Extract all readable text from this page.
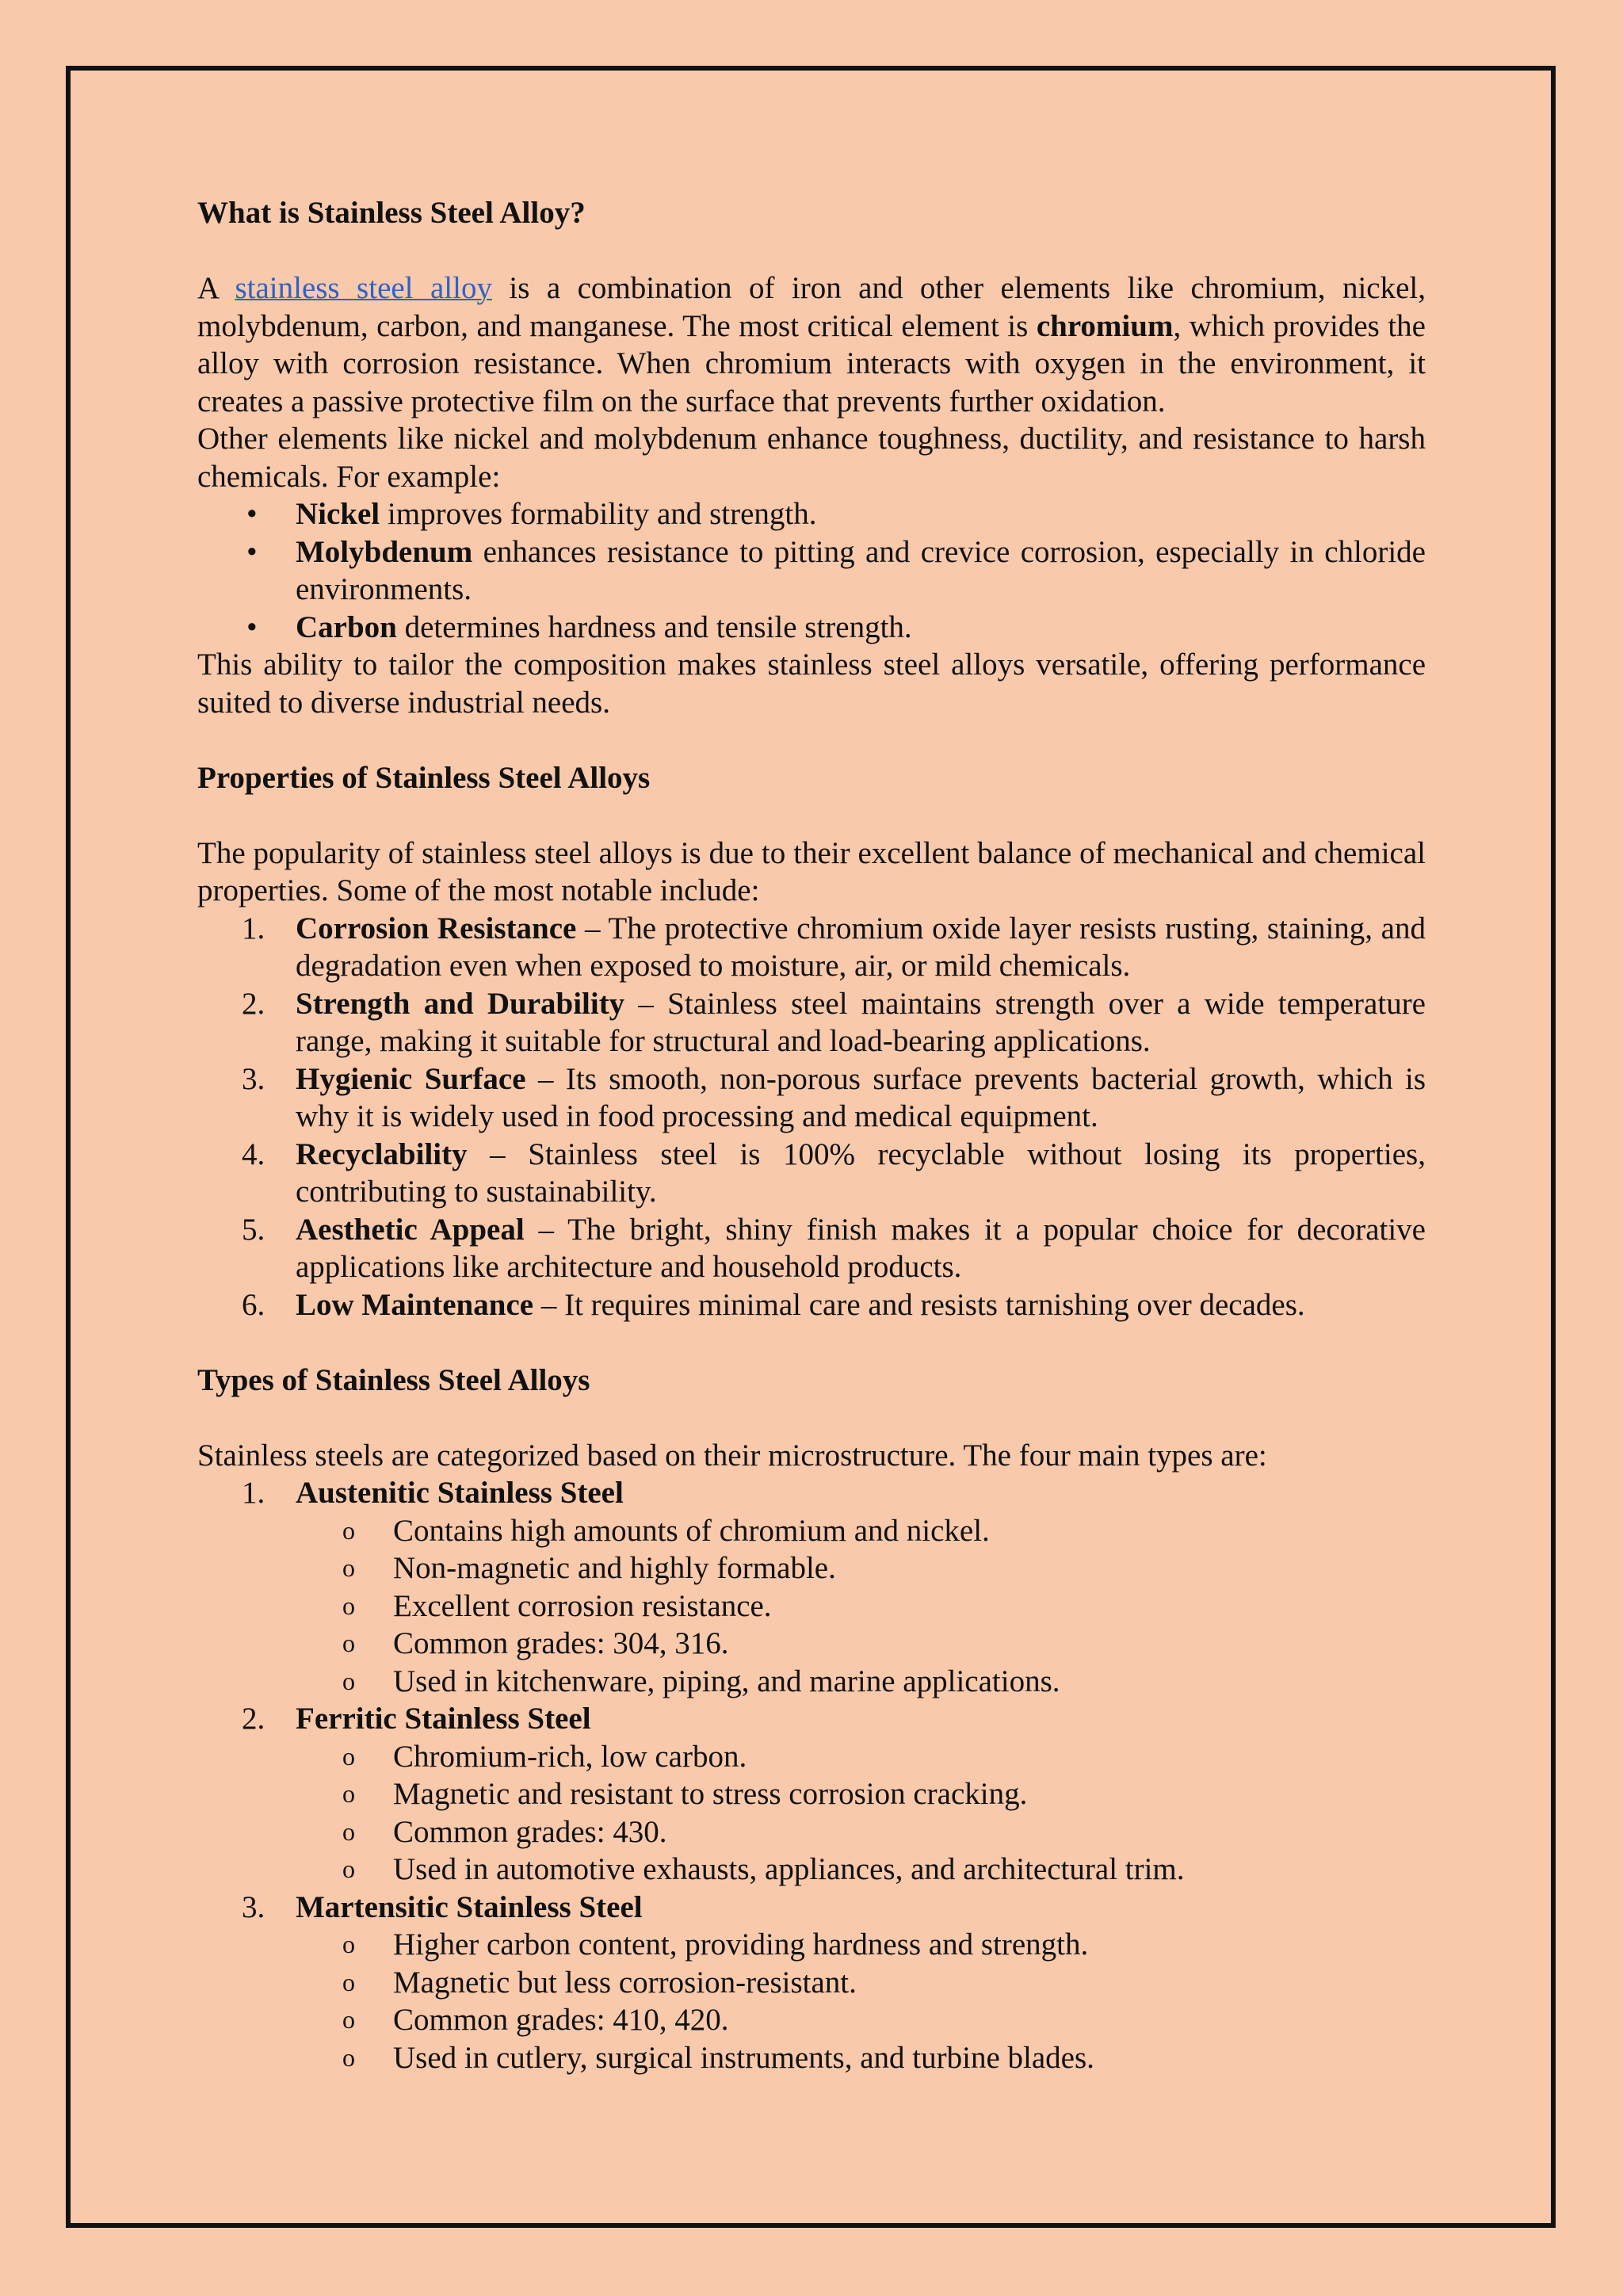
What is Stainless Steel Alloy?

A stainless steel alloy is a combination of iron and other elements like chromium, nickel, molybdenum, carbon, and manganese. The most critical element is chromium, which provides the alloy with corrosion resistance. When chromium interacts with oxygen in the environment, it creates a passive protective film on the surface that prevents further oxidation.

Other elements like nickel and molybdenum enhance toughness, ductility, and resistance to harsh chemicals. For example:

• Nickel improves formability and strength.
• Molybdenum enhances resistance to pitting and crevice corrosion, especially in chloride environments.
• Carbon determines hardness and tensile strength.

This ability to tailor the composition makes stainless steel alloys versatile, offering performance suited to diverse industrial needs.

Properties of Stainless Steel Alloys

The popularity of stainless steel alloys is due to their excellent balance of mechanical and chemical properties. Some of the most notable include:

1. Corrosion Resistance – The protective chromium oxide layer resists rusting, staining, and degradation even when exposed to moisture, air, or mild chemicals.
2. Strength and Durability – Stainless steel maintains strength over a wide temperature range, making it suitable for structural and load-bearing applications.
3. Hygienic Surface – Its smooth, non-porous surface prevents bacterial growth, which is why it is widely used in food processing and medical equipment.
4. Recyclability – Stainless steel is 100% recyclable without losing its properties, contributing to sustainability.
5. Aesthetic Appeal – The bright, shiny finish makes it a popular choice for decorative applications like architecture and household products.
6. Low Maintenance – It requires minimal care and resists tarnishing over decades.

Types of Stainless Steel Alloys

Stainless steels are categorized based on their microstructure. The four main types are:

1. Austenitic Stainless Steel
o Contains high amounts of chromium and nickel.
o Non-magnetic and highly formable.
o Excellent corrosion resistance.
o Common grades: 304, 316.
o Used in kitchenware, piping, and marine applications.
2. Ferritic Stainless Steel
o Chromium-rich, low carbon.
o Magnetic and resistant to stress corrosion cracking.
o Common grades: 430.
o Used in automotive exhausts, appliances, and architectural trim.
3. Martensitic Stainless Steel
o Higher carbon content, providing hardness and strength.
o Magnetic but less corrosion-resistant.
o Common grades: 410, 420.
o Used in cutlery, surgical instruments, and turbine blades.
